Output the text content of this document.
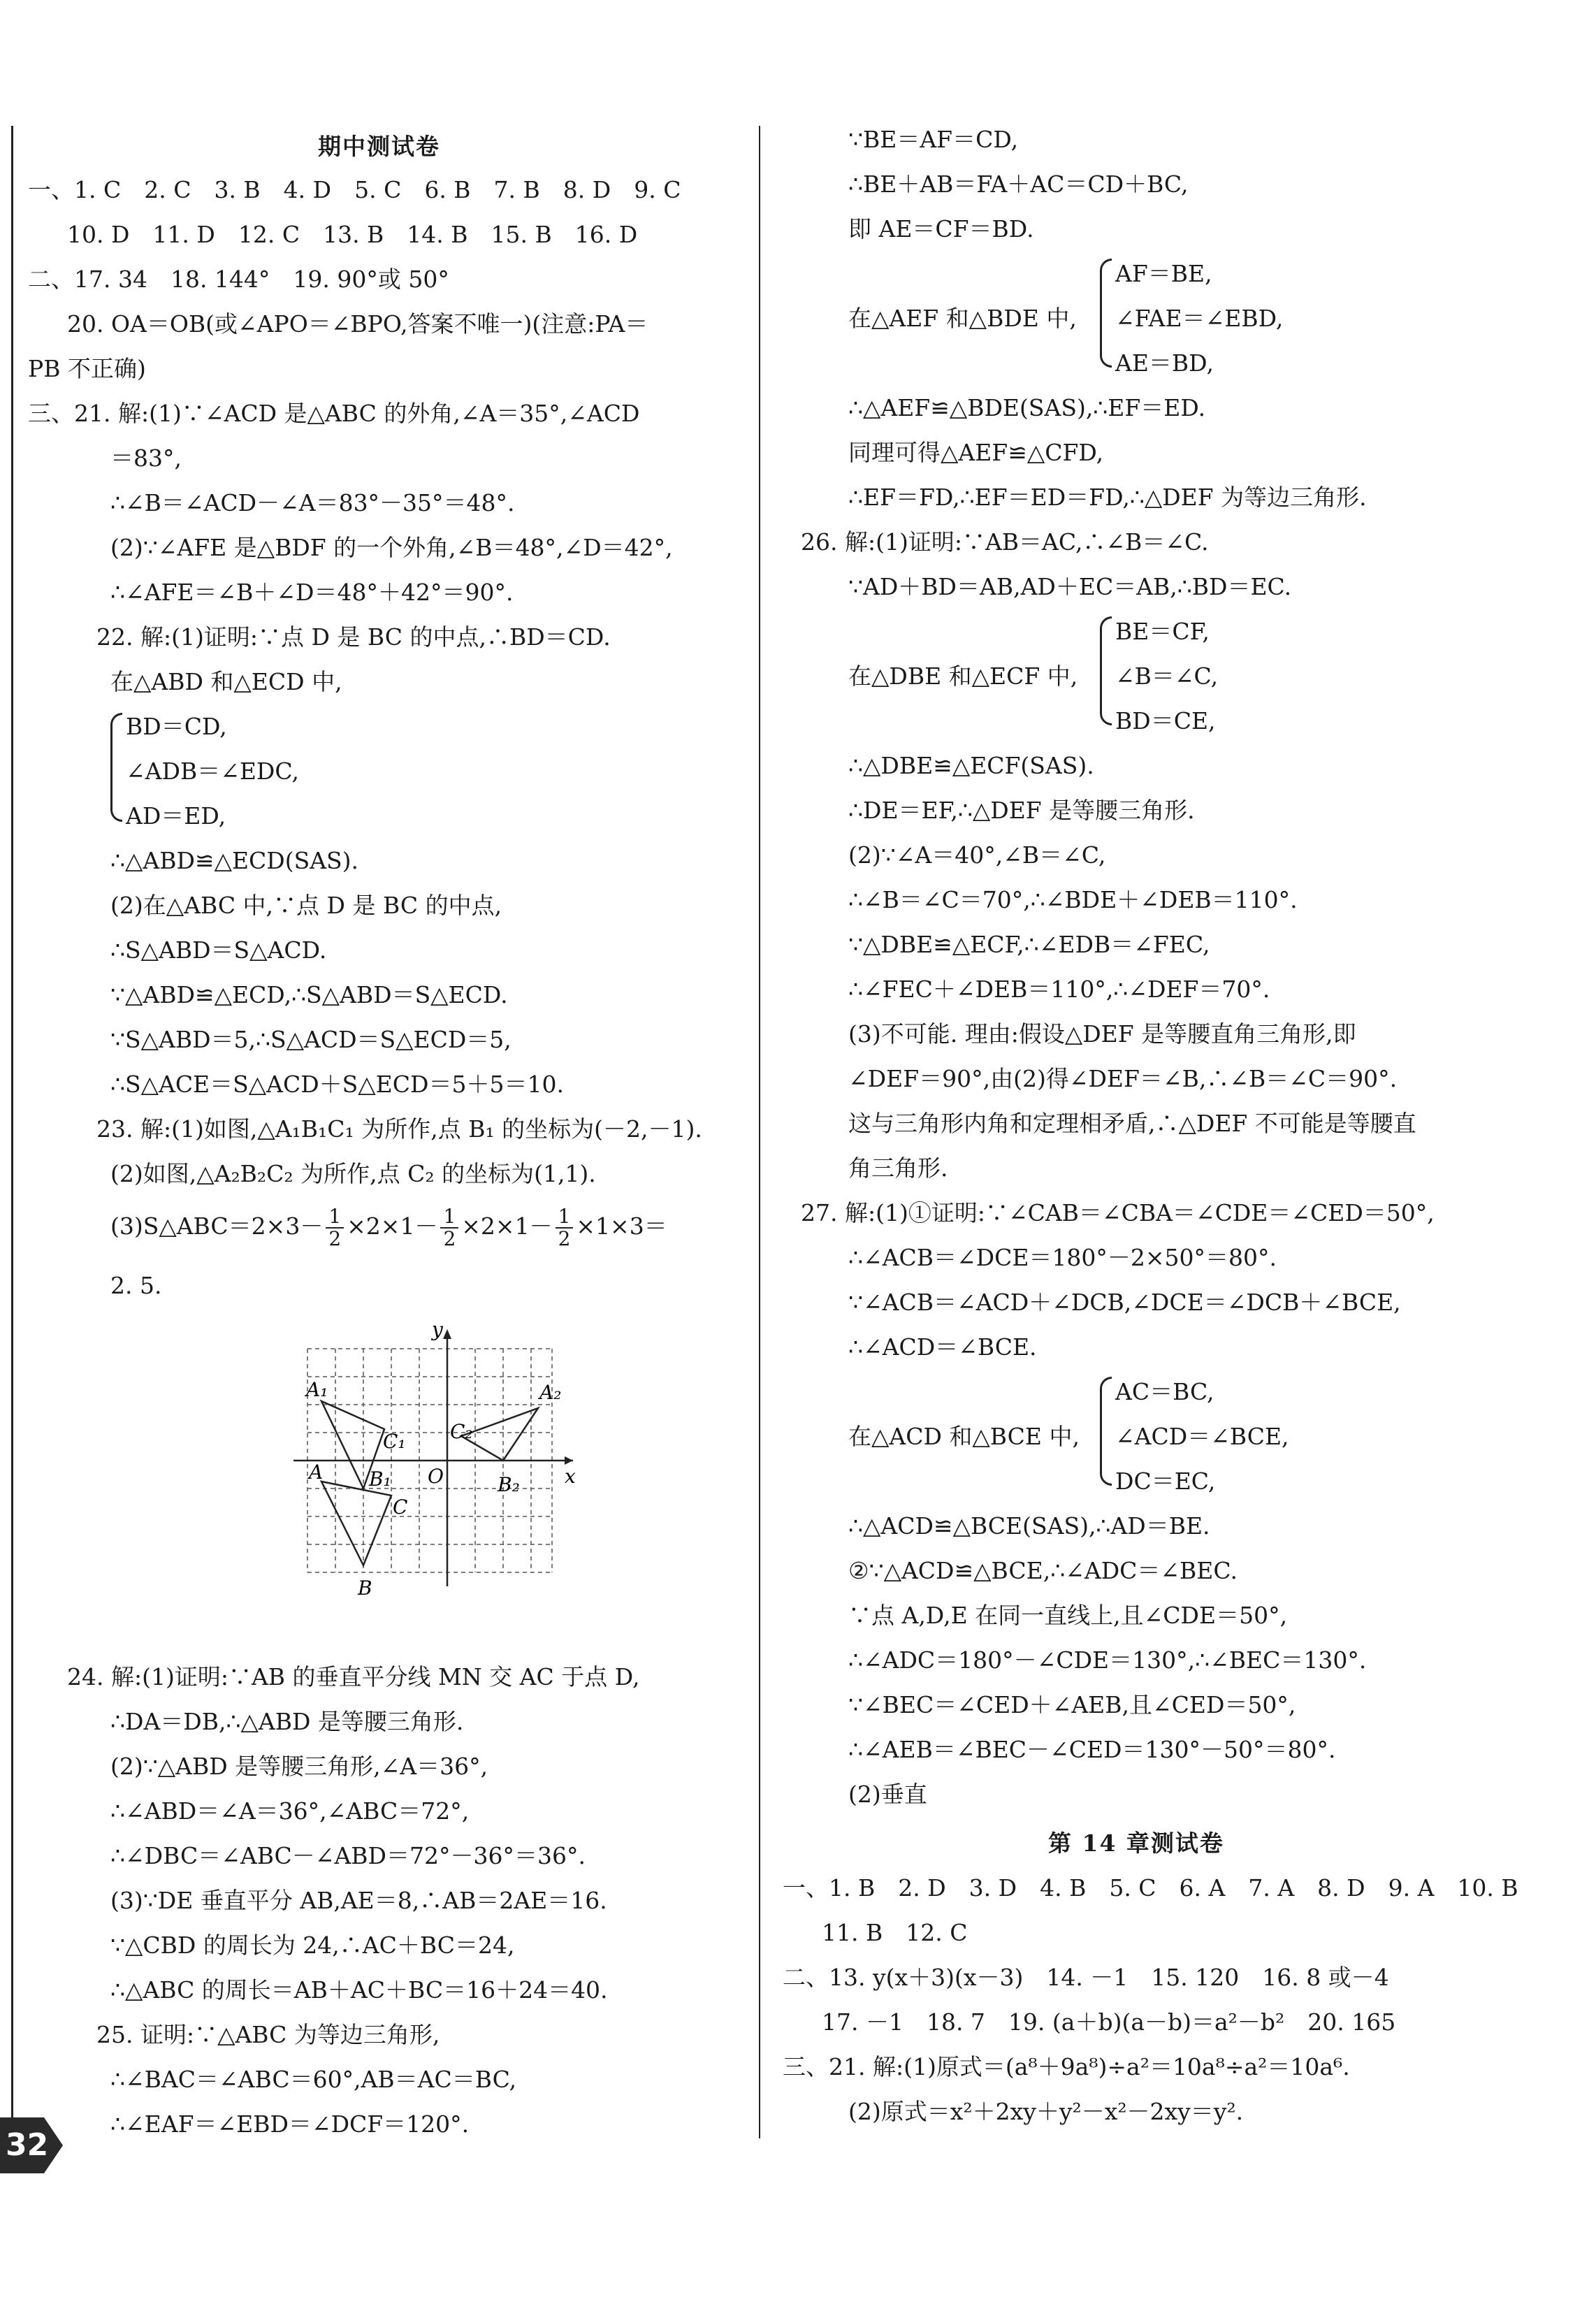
期中测试卷
一、1. C　2. C　3. B　4. D　5. C　6. B　7. B　8. D　9. C
10. D　11. D　12. C　13. B　14. B　15. B　16. D
二、17. 34　18. 144°　19. 90°或 50°
20. OA＝OB(或∠APO＝∠BPO,答案不唯一)(注意:PA＝
PB 不正确)
三、21. 解:(1)∵∠ACD 是△ABC 的外角,∠A＝35°,∠ACD
＝83°,
∴∠B＝∠ACD－∠A＝83°－35°＝48°.
(2)∵∠AFE 是△BDF 的一个外角,∠B＝48°,∠D＝42°,
∴∠AFE＝∠B＋∠D＝48°＋42°＝90°.
22. 解:(1)证明:∵点 D 是 BC 的中点,∴BD＝CD.
在△ABD 和△ECD 中,
BD＝CD,
∠ADB＝∠EDC,
AD＝ED,
∴△ABD≌△ECD(SAS).
(2)在△ABC 中,∵点 D 是 BC 的中点,
∴S△ABD＝S△ACD.
∵△ABD≌△ECD,∴S△ABD＝S△ECD.
∵S△ABD＝5,∴S△ACD＝S△ECD＝5,
∴S△ACE＝S△ACD＋S△ECD＝5＋5＝10.
23. 解:(1)如图,△A₁B₁C₁ 为所作,点 B₁ 的坐标为(－2,－1).
(2)如图,△A₂B₂C₂ 为所作,点 C₂ 的坐标为(1,1).
(3)S△ABC＝2×3－ $\frac{1}{2} \times 2\times 1- \frac{1}{2} \times 2\times 1- \frac{1}{2} \times 1\times 3=$
2. 5.
y
x
O
A₁	A₂
C₁ C₂
A B₁	B₂
C
B
24. 解:(1)证明:∵AB 的垂直平分线 MN 交 AC 于点 D,
∴DA＝DB,∴△ABD 是等腰三角形.
(2)∵△ABD 是等腰三角形,∠A＝36°,
∴∠ABD＝∠A＝36°,∠ABC＝72°,
∴∠DBC＝∠ABC－∠ABD＝72°－36°＝36°.
(3)∵DE 垂直平分 AB,AE＝8,∴AB＝2AE＝16.
∵△CBD 的周长为 24,∴AC＋BC＝24,
∴△ABC 的周长＝AB＋AC＋BC＝16＋24＝40.
25. 证明:∵△ABC 为等边三角形,
∴∠BAC＝∠ABC＝60°,AB＝AC＝BC,
∴∠EAF＝∠EBD＝∠DCF＝120°.
∵BE＝AF＝CD,
∴BE＋AB＝FA＋AC＝CD＋BC,
即 AE＝CF＝BD.
在△AEF 和△BDE 中,
AF＝BE,
∠FAE＝∠EBD,
AE＝BD,
∴△AEF≌△BDE(SAS),∴EF＝ED.
同理可得△AEF≌△CFD,
∴EF＝FD,∴EF＝ED＝FD,∴△DEF 为等边三角形.
26. 解:(1)证明:∵AB＝AC,∴∠B＝∠C.
∵AD＋BD＝AB,AD＋EC＝AB,∴BD＝EC.
在△DBE 和△ECF 中,
BE＝CF,
∠B＝∠C,
BD＝CE,
∴△DBE≌△ECF(SAS).
∴DE＝EF,∴△DEF 是等腰三角形.
(2)∵∠A＝40°,∠B＝∠C,
∴∠B＝∠C＝70°,∴∠BDE＋∠DEB＝110°.
∵△DBE≌△ECF,∴∠EDB＝∠FEC,
∴∠FEC＋∠DEB＝110°,∴∠DEF＝70°.
(3)不可能. 理由:假设△DEF 是等腰直角三角形,即
∠DEF＝90°,由(2)得∠DEF＝∠B,∴∠B＝∠C＝90°.
这与三角形内角和定理相矛盾,∴△DEF 不可能是等腰直
角三角形.
27. 解:(1)①证明:∵∠CAB＝∠CBA＝∠CDE＝∠CED＝50°,
∴∠ACB＝∠DCE＝180°－2×50°＝80°.
∵∠ACB＝∠ACD＋∠DCB,∠DCE＝∠DCB＋∠BCE,
∴∠ACD＝∠BCE.
在△ACD 和△BCE 中,
AC＝BC,
∠ACD＝∠BCE,
DC＝EC,
∴△ACD≌△BCE(SAS),∴AD＝BE.
②∵△ACD≌△BCE,∴∠ADC＝∠BEC.
∵点 A,D,E 在同一直线上,且∠CDE＝50°,
∴∠ADC＝180°－∠CDE＝130°,∴∠BEC＝130°.
∵∠BEC＝∠CED＋∠AEB,且∠CED＝50°,
∴∠AEB＝∠BEC－∠CED＝130°－50°＝80°.
(2)垂直
第 14 章测试卷
一、1. B　2. D　3. D　4. B　5. C　6. A　7. A　8. D　9. A　10. B
11. B　12. C
二、13. y(x＋3)(x－3)　14. －1　15. 120　16. 8 或－4
17. －1　18. 7　19. (a＋b)(a－b)＝a²－b²　20. 165
三、21. 解:(1)原式＝(a⁸＋9a⁸)÷a²＝10a⁸÷a²＝10a⁶.
(2)原式＝x²＋2xy＋y²－x²－2xy＝y².
32
